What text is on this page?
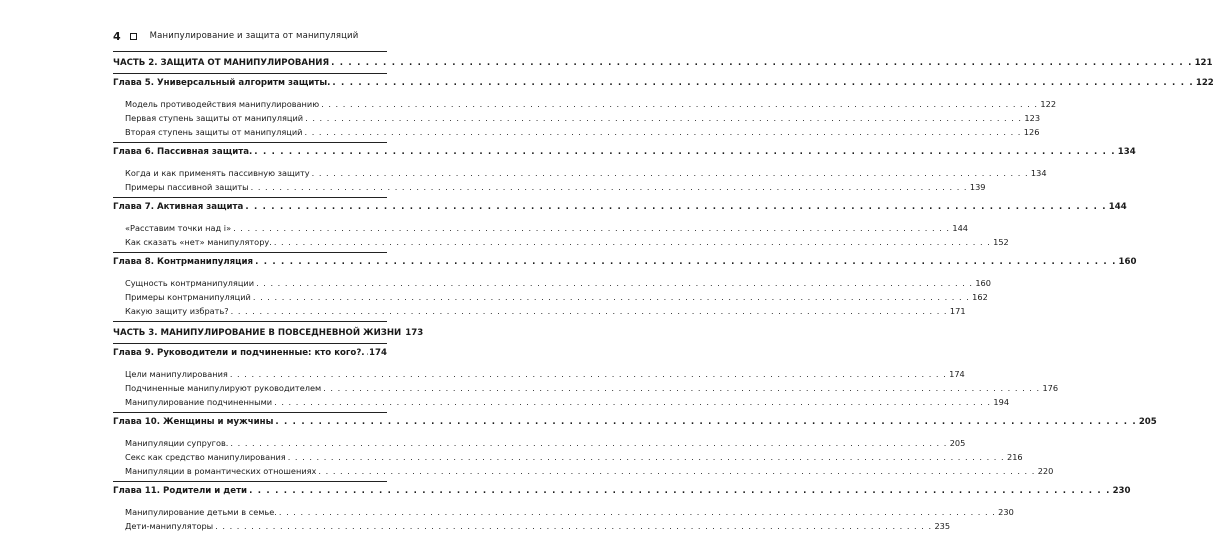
4	Манипулирование и защита от манипуляций
ЧАСТЬ 2. ЗАЩИТА ОТ МАНИПУЛИРОВАНИЯ . . .	121
Глава 5. Универсальный алгоритм защиты. . . .	122
Модель противодействия манипулированию . . .	122
Первая ступень защиты от манипуляций . . .	123
Вторая ступень защиты от манипуляций . . .	126
Глава 6. Пассивная защита. . . .	134
Когда и как применять пассивную защиту . . .	134
Примеры пассивной защиты . . .	139
Глава 7. Активная защита . . .	144
«Расставим точки над i» . . .	144
Как сказать «нет» манипулятору. . . .	152
Глава 8. Контрманипуляция . . .	160
Сущность контрманипуляции . . .	160
Примеры контрманипуляций . . .	162
Какую защиту избрать? . . .	171
ЧАСТЬ 3. МАНИПУЛИРОВАНИЕ В ПОВСЕДНЕВНОЙ ЖИЗНИ 173
Глава 9. Руководители и подчиненные: кто кого?. . . . 174
Цели манипулирования . . .	174
Подчиненные манипулируют руководителем . . .	176
Манипулирование подчиненными . . .	194
Глава 10. Женщины и мужчины . . .	205
Манипуляции супругов. . . .	205
Секс как средство манипулирования . . .	216
Манипуляции в романтических отношениях . . .	220
Глава 11. Родители и дети . . .	230
Манипулирование детьми в семье. . . .	230
Дети-манипуляторы . . .	235
